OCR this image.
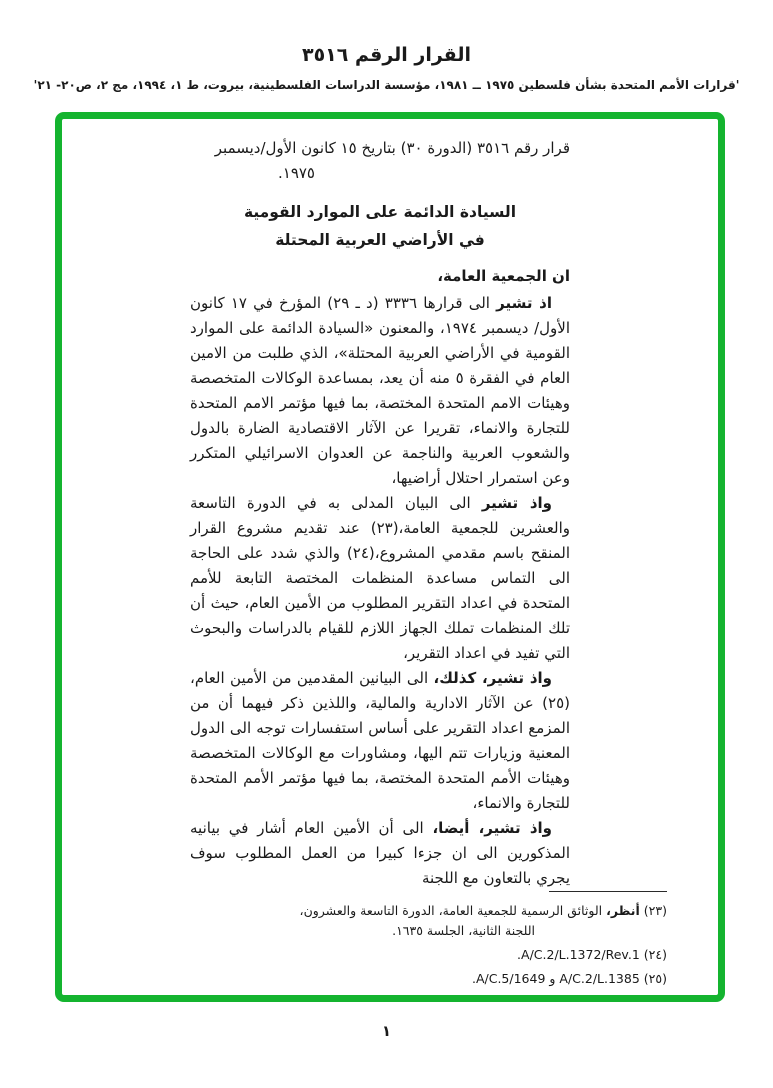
القرار الرقم ٣٥١٦
'قرارات الأمم المتحدة بشأن فلسطين ١٩٧٥ ــ ١٩٨١، مؤسسة الدراسات الفلسطينية، بيروت، ط ١، ١٩٩٤، مج ٢، ص٢٠- ٢١'
قرار رقم ٣٥١٦ (الدورة ٣٠) بتاريخ ١٥ كانون الأول/ديسمبر
١٩٧٥.
السيادة الدائمة على الموارد القومية
في الأراضي العربية المحتلة

ان الجمعية العامة،

اذ تشير الى قرارها ٣٣٣٦ (د ـ ٢٩) المؤرخ في ١٧ كانون الأول/ ديسمبر ١٩٧٤، والمعنون «السيادة الدائمة على الموارد القومية في الأراضي العربية المحتلة»، الذي طلبت من الامين العام في الفقرة ٥ منه أن يعد، بمساعدة الوكالات المتخصصة وهيئات الامم المتحدة المختصة، بما فيها مؤتمر الامم المتحدة للتجارة والانماء، تقريرا عن الآثار الاقتصادية الضارة بالدول والشعوب العربية والناجمة عن العدوان الاسرائيلي المتكرر وعن استمرار احتلال أراضيها،

واذ تشير الى البيان المدلى به في الدورة التاسعة والعشرين للجمعية العامة،(٢٣) عند تقديم مشروع القرار المنقح باسم مقدمي المشروع،(٢٤) والذي شدد على الحاجة الى التماس مساعدة المنظمات المختصة التابعة للأمم المتحدة في اعداد التقرير المطلوب من الأمين العام، حيث أن تلك المنظمات تملك الجهاز اللازم للقيام بالدراسات والبحوث التي تفيد في اعداد التقرير،

واذ تشير، كذلك، الى البيانين المقدمين من الأمين العام،(٢٥) عن الآثار الادارية والمالية، واللذين ذكر فيهما أن من المزمع اعداد التقرير على أساس استفسارات توجه الى الدول المعنية وزيارات تتم اليها، ومشاورات مع الوكالات المتخصصة وهيئات الأمم المتحدة المختصة، بما فيها مؤتمر الأمم المتحدة للتجارة والانماء،

واذ تشير، أيضا، الى أن الأمين العام أشار في بيانيه المذكورين الى ان جزءا كبيرا من العمل المطلوب سوف يجري بالتعاون مع اللجنة

(٢٣) أنظر، الوثائق الرسمية للجمعية العامة، الدورة التاسعة والعشرون، اللجنة الثانية، الجلسة ١٦٣٥.

(٢٤) A/C.2/L.1372/Rev.1.

(٢٥) A/C.2/L.1385 و A/C.5/1649.

١
